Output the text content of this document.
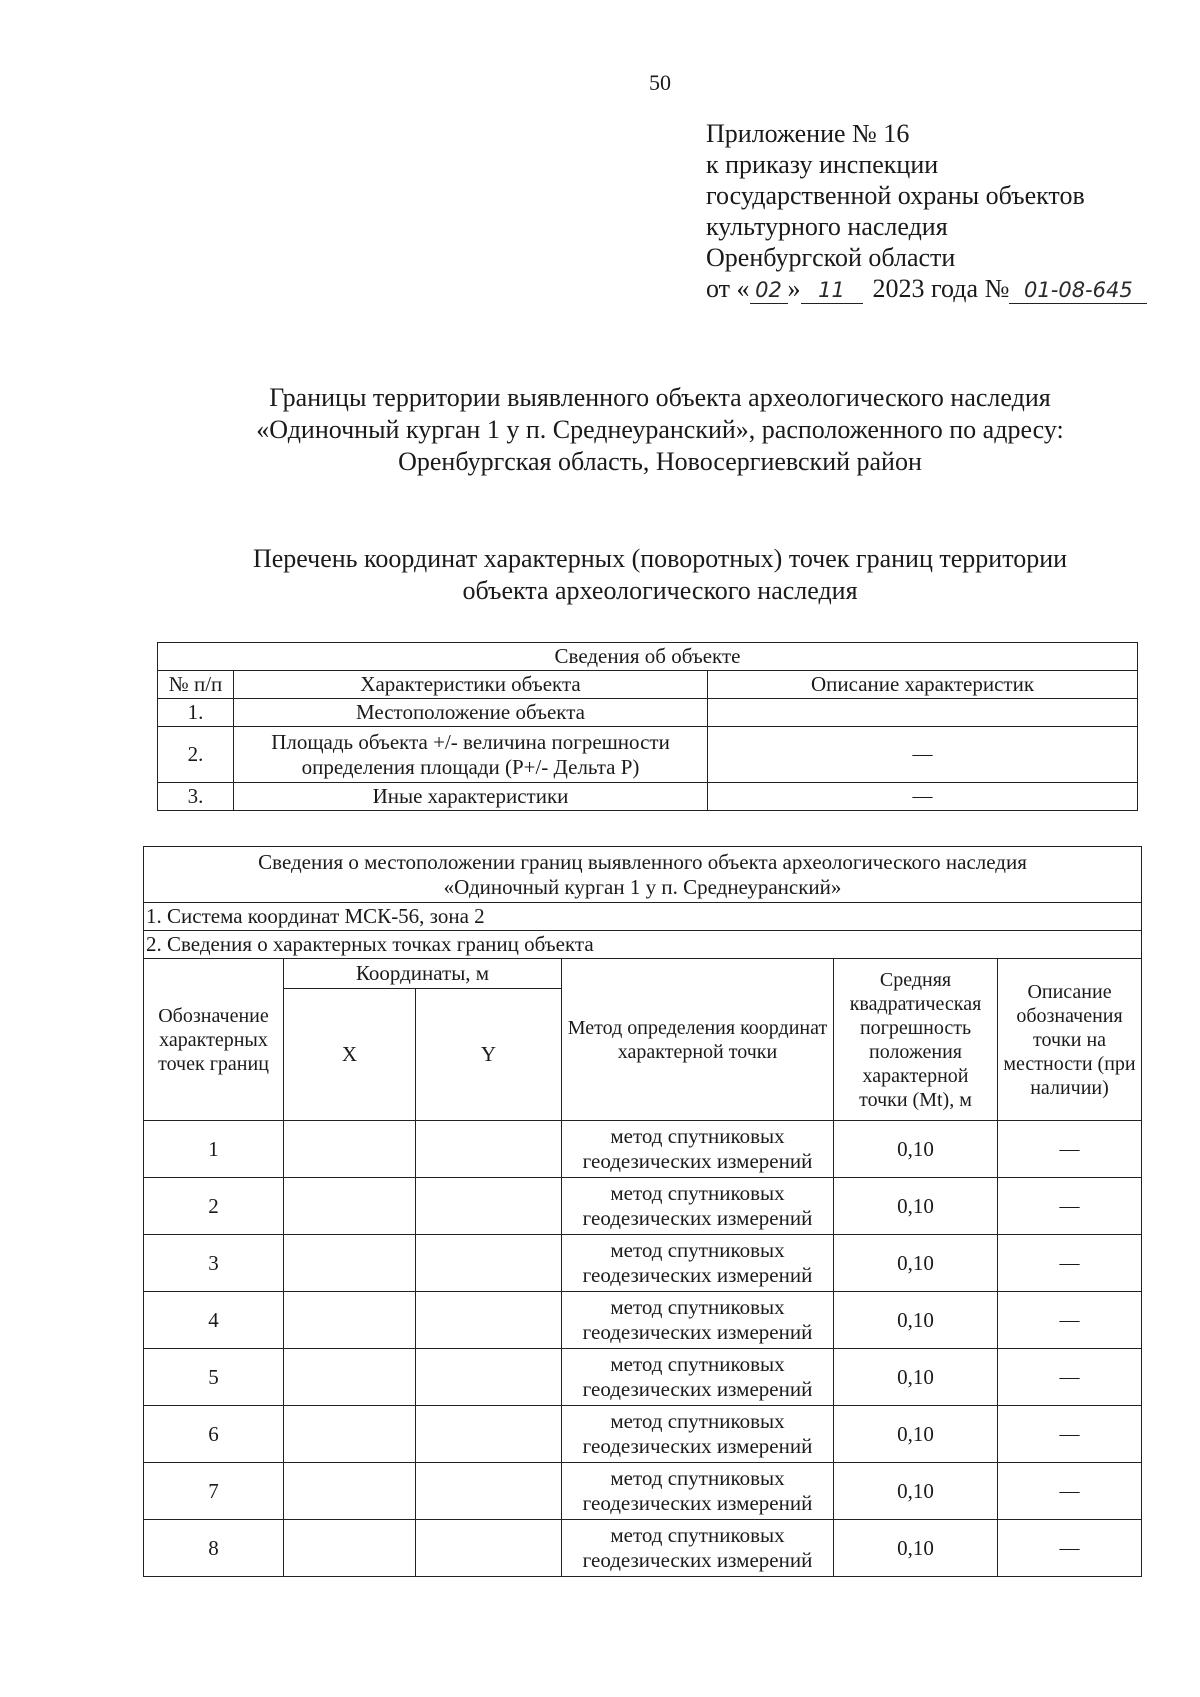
50
Приложение № 16
к приказу инспекции
государственной охраны объектов
культурного наследия
Оренбургской области
от « 02 » 11 2023 года № 01-08-645
Границы территории выявленного объекта археологического наследия
«Одиночный курган 1 у п. Среднеуранский», расположенного по адресу:
Оренбургская область, Новосергиевский район
Перечень координат характерных (поворотных) точек границ территории
объекта археологического наследия
Сведения об объекте		
№ п/п	Характеристики объекта	Описание характеристик
1.	Местоположение объекта	
2.	Площадь объекта +/- величина погрешности определения площади (Р+/- Дельта Р)	—
3.	Иные характеристики	—
Сведения о местоположении границ выявленного объекта археологического наследия
«Одиночный курган 1 у п. Среднеуранский»					

1. Система координат МСК-56, зона 2					
2. Сведения о характерных точках границ объекта					
Обозначение характерных точек границ	Координаты, м		Метод определения координат характерной точки	Средняя квадратическая погрешность положения характерной точки (Mt), м	Описание обозначения точки на местности (при наличии)
	X	Y			
1			метод спутниковых геодезических измерений	0,10	—
2			метод спутниковых геодезических измерений	0,10	—
3			метод спутниковых геодезических измерений	0,10	—
4			метод спутниковых геодезических измерений	0,10	—
5			метод спутниковых геодезических измерений	0,10	—
6			метод спутниковых геодезических измерений	0,10	—
7			метод спутниковых геодезических измерений	0,10	—
8			метод спутниковых геодезических измерений	0,10	—
